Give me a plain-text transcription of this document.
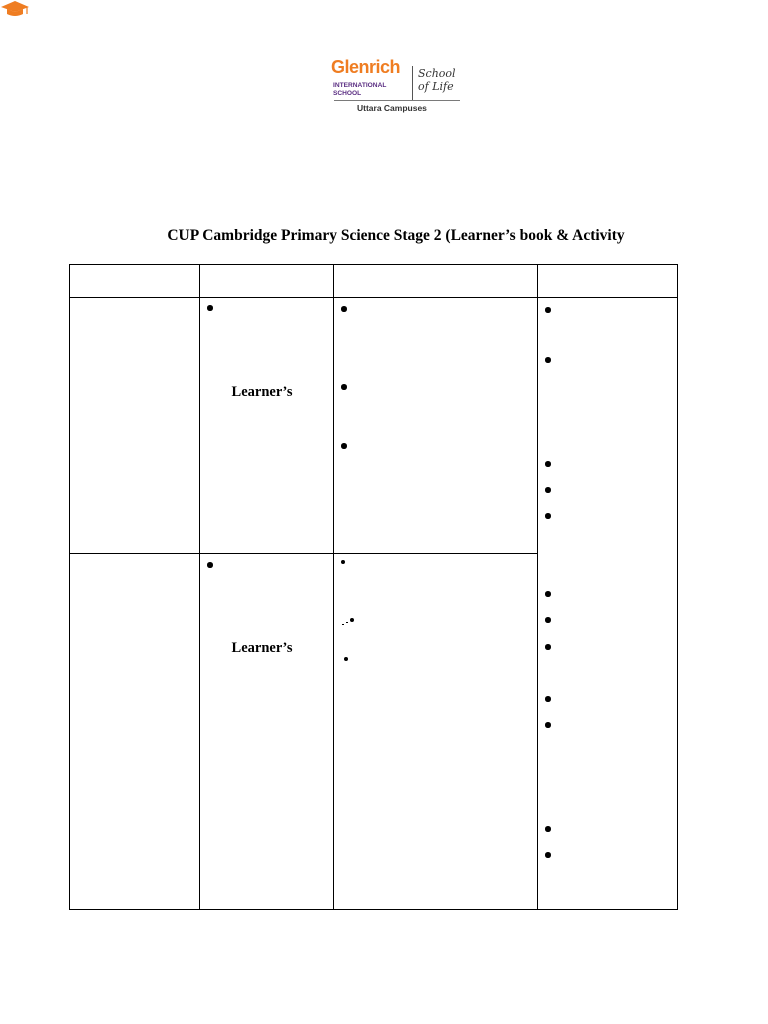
Glenrich
INTERNATIONAL SCHOOL
School of Life
Uttara Campuses
CUP Cambridge Primary Science Stage 2 (Learner’s book & Activity
Learner’s
Learner’s
